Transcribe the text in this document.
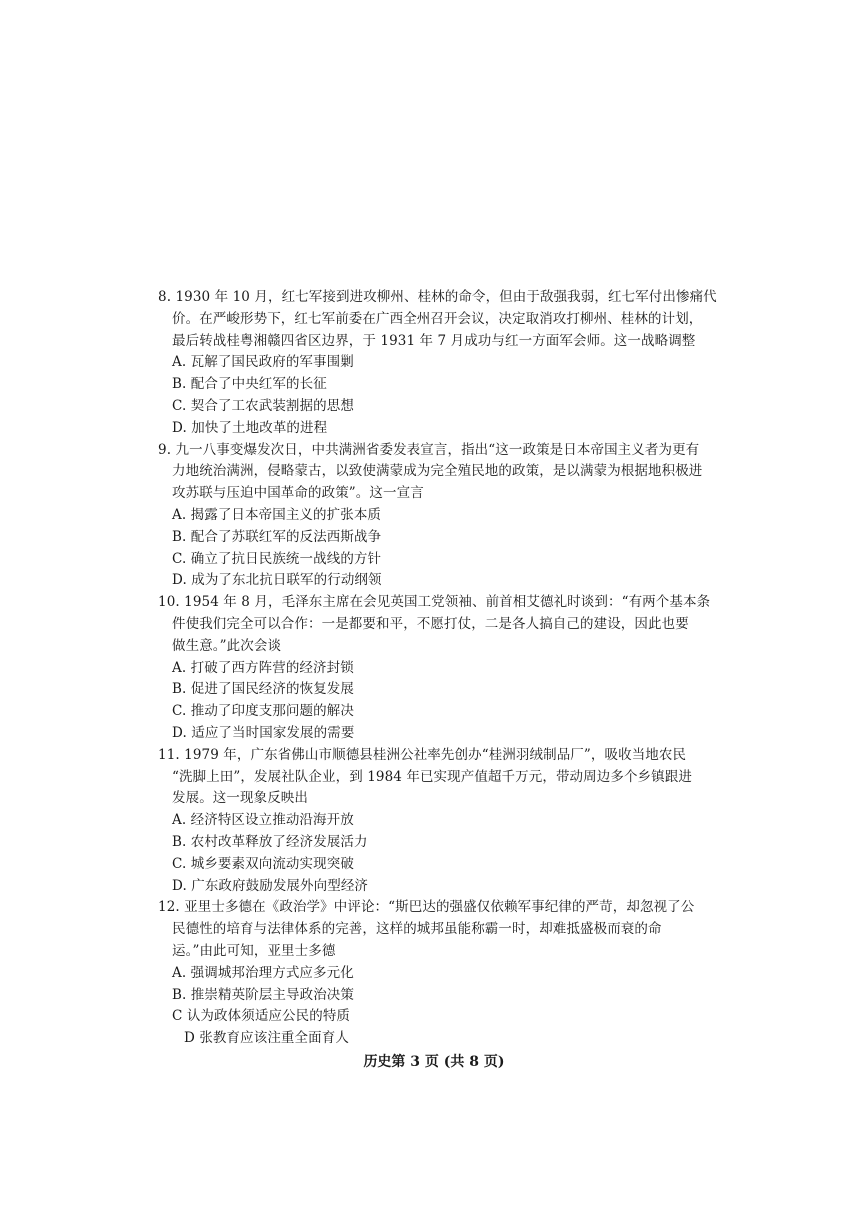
8. 1930 年 10 月，红七军接到进攻柳州、桂林的命令，但由于敌强我弱，红七军付出惨痛代
价。在严峻形势下，红七军前委在广西全州召开会议，决定取消攻打柳州、桂林的计划，
最后转战桂粤湘赣四省区边界，于 1931 年 7 月成功与红一方面军会师。这一战略调整
A. 瓦解了国民政府的军事围剿
B. 配合了中央红军的长征
C. 契合了工农武装割据的思想
D. 加快了土地改革的进程
9. 九一八事变爆发次日，中共满洲省委发表宣言，指出“这一政策是日本帝国主义者为更有
力地统治满洲，侵略蒙古，以致使满蒙成为完全殖民地的政策，是以满蒙为根据地积极进
攻苏联与压迫中国革命的政策”。这一宣言
A. 揭露了日本帝国主义的扩张本质
B. 配合了苏联红军的反法西斯战争
C. 确立了抗日民族统一战线的方针
D. 成为了东北抗日联军的行动纲领
10. 1954 年 8 月，毛泽东主席在会见英国工党领袖、前首相艾德礼时谈到：“有两个基本条
件使我们完全可以合作：一是都要和平，不愿打仗，二是各人搞自己的建设，因此也要
做生意。”此次会谈
A. 打破了西方阵营的经济封锁
B. 促进了国民经济的恢复发展
C. 推动了印度支那问题的解决
D. 适应了当时国家发展的需要
11. 1979 年，广东省佛山市顺德县桂洲公社率先创办“桂洲羽绒制品厂”，吸收当地农民
“洗脚上田”，发展社队企业，到 1984 年已实现产值超千万元，带动周边多个乡镇跟进
发展。这一现象反映出
A. 经济特区设立推动沿海开放
B. 农村改革释放了经济发展活力
C. 城乡要素双向流动实现突破
D. 广东政府鼓励发展外向型经济
12. 亚里士多德在《政治学》中评论：“斯巴达的强盛仅依赖军事纪律的严苛，却忽视了公
民德性的培育与法律体系的完善，这样的城邦虽能称霸一时，却难抵盛极而衰的命
运。”由此可知，亚里士多德
A. 强调城邦治理方式应多元化
B. 推崇精英阶层主导政治决策
C 认为政体须适应公民的特质
D 张教育应该注重全面育人
历史第 3 页 (共 8 页)
